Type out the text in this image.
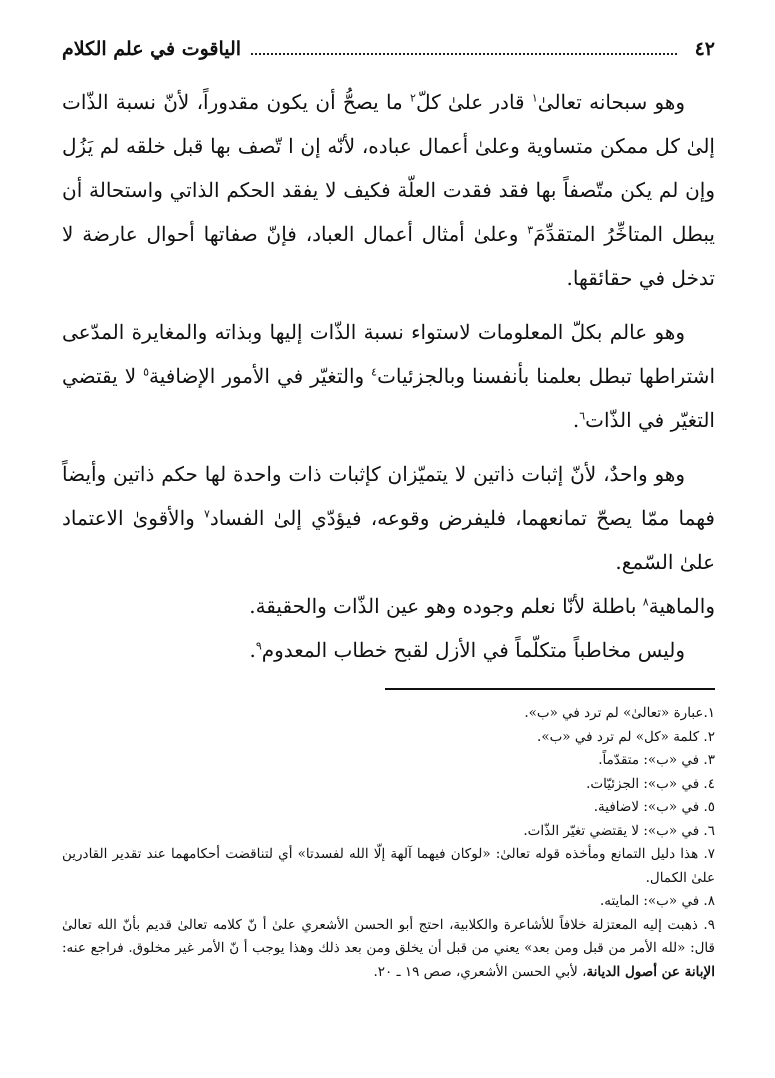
٤٢
الياقوت في علم الكلام

وهو سبحانه تعالىٰ$^١$ قادر علىٰ كلّ$^٢$ ما يصحُّ أن يكون مقدوراً، لأنّ نسبة الذّات إلىٰ كل ممكن متساوية وعلىٰ أعمال عباده، لأنّه إن ا تّصف بها قبل خلقه لم يَزُل وإن لم يكن متّصفاً بها فقد فقدت العلّة فكيف لا يفقد الحكم الذاتي واستحالة أن يبطل المتاخِّرُ المتقدِّمَ$^٣$ وعلىٰ أمثال أعمال العباد، فإنّ صفاتها أحوال عارضة لا تدخل في حقائقها.

وهو عالم بكلّ المعلومات لاستواء نسبة الذّات إليها وبذاته والمغايرة المدّعى اشتراطها تبطل بعلمنا بأنفسنا وبالجزئيات$^٤$ والتغيّر في الأمور الإضافية$^٥$ لا يقتضي التغيّر في الذّات$^٦$.

وهو واحدٌ، لأنّ إثبات ذاتين لا يتميّزان كإثبات ذات واحدة لها حكم ذاتين وأيضاً فهما ممّا يصحّ تمانعهما، فليفرض وقوعه، فيؤدّي إلىٰ الفساد$^٧$ والأقوىٰ الاعتماد علىٰ السّمع.

والماهية$^٨$ باطلة لأنّا نعلم وجوده وهو عين الذّات والحقيقة.

وليس مخاطباً متكلّماً في الأزل لقبح خطاب المعدوم$^٩$.

١.عبارة «تعالىٰ» لم ترد في «ب».

٢. كلمة «كل» لم ترد في «ب».

٣. في «ب»: متقدّماً.

٤. في «ب»: الجزئيّات.

٥. في «ب»: لاضافية.

٦. في «ب»: لا يقتضي تغيّر الذّات.

٧. هذا دليل التمانع ومأخذه قوله تعالىٰ: «لوكان فيهما آلهة إلّا الله لفسدتا» أي لتناقضت أحكامهما عند تقدير القادرين علىٰ الكمال.

٨. في «ب»: المايته.

٩. ذهبت إليه المعتزلة خلافاً للأشاعرة والكلابية، احتج أبو الحسن الأشعري علىٰ أ نّ كلامه تعالىٰ قديم بأنّ الله تعالىٰ قال: «لله الأمر من قبل ومن بعد» يعني من قبل أن يخلق ومن بعد ذلك وهذا يوجب أ نّ الأمر غير مخلوق. فراجع عنه: الإبانة عن أصول الديانة، لأبي الحسن الأشعري، صص ١٩ ـ ٢٠.
